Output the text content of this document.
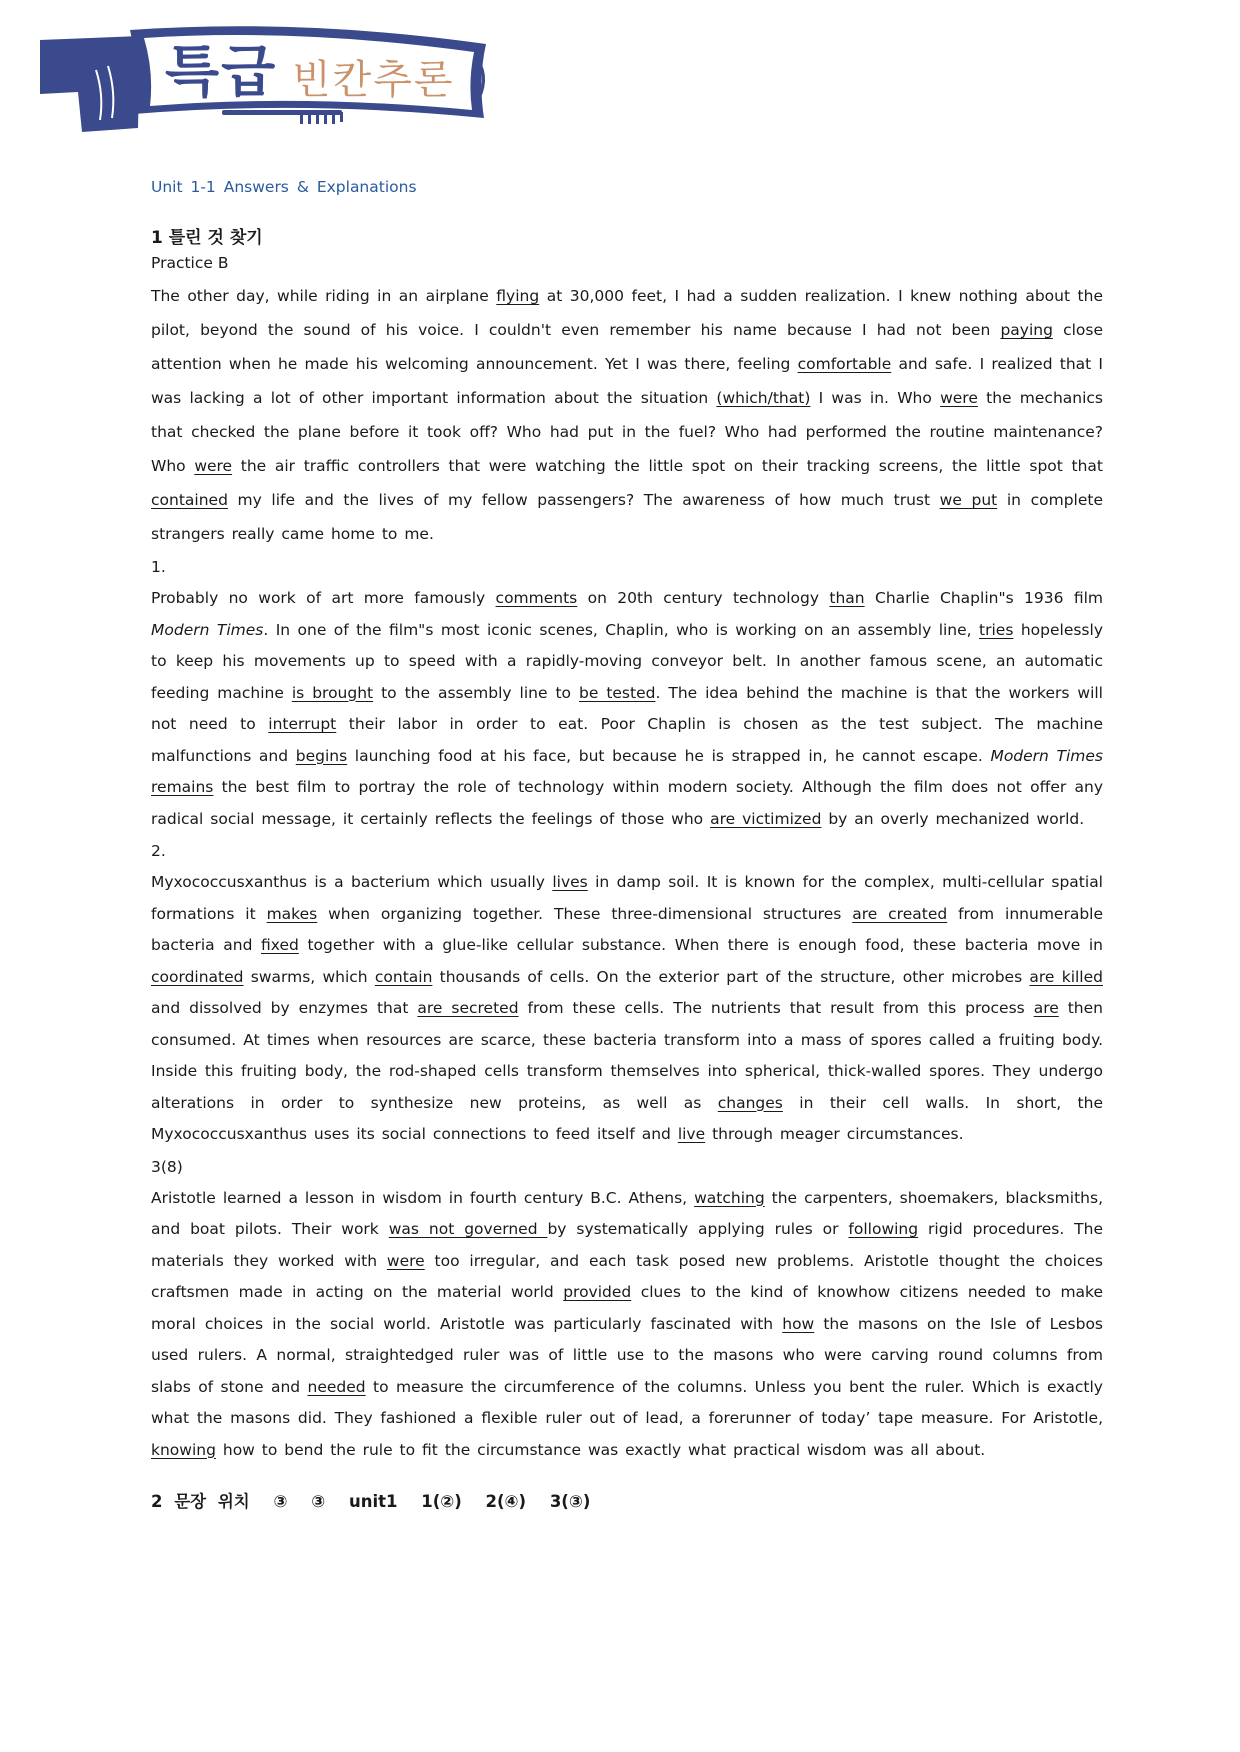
특급 빈칸추론

Unit 1-1 Answers & Explanations

1 틀린 것 찾기

Practice B

The other day, while riding in an airplane flying at 30,000 feet, I had a sudden realization. I knew nothing about the pilot, beyond the sound of his voice. I couldn't even remember his name because I had not been paying close attention when he made his welcoming announcement. Yet I was there, feeling comfortable and safe. I realized that I was lacking a lot of other important information about the situation (which/that) I was in. Who were the mechanics that checked the plane before it took off? Who had put in the fuel? Who had performed the routine maintenance? Who were the air traffic controllers that were watching the little spot on their tracking screens, the little spot that contained my life and the lives of my fellow passengers? The awareness of how much trust we put in complete strangers really came home to me.

1.

Probably no work of art more famously comments on 20th century technology than Charlie Chaplin"s 1936 film Modern Times. In one of the film"s most iconic scenes, Chaplin, who is working on an assembly line, tries hopelessly to keep his movements up to speed with a rapidly-moving conveyor belt. In another famous scene, an automatic feeding machine is brought to the assembly line to be tested. The idea behind the machine is that the workers will not need to interrupt their labor in order to eat. Poor Chaplin is chosen as the test subject. The machine malfunctions and begins launching food at his face, but because he is strapped in, he cannot escape. Modern Times remains the best film to portray the role of technology within modern society. Although the film does not offer any radical social message, it certainly reflects the feelings of those who are victimized by an overly mechanized world.

2.

Myxococcusxanthus is a bacterium which usually lives in damp soil. It is known for the complex, multi-cellular spatial formations it makes when organizing together. These three-dimensional structures are created from innumerable bacteria and fixed together with a glue-like cellular substance. When there is enough food, these bacteria move in coordinated swarms, which contain thousands of cells. On the exterior part of the structure, other microbes are killed and dissolved by enzymes that are secreted from these cells. The nutrients that result from this process are then consumed. At times when resources are scarce, these bacteria transform into a mass of spores called a fruiting body. Inside this fruiting body, the rod-shaped cells transform themselves into spherical, thick-walled spores. They undergo alterations in order to synthesize new proteins, as well as changes in their cell walls. In short, the Myxococcusxanthus uses its social connections to feed itself and live through meager circumstances.

3(8)

Aristotle learned a lesson in wisdom in fourth century B.C. Athens, watching the carpenters, shoemakers, blacksmiths, and boat pilots. Their work was not governed by systematically applying rules or following rigid procedures. The materials they worked with were too irregular, and each task posed new problems. Aristotle thought the choices craftsmen made in acting on the material world provided clues to the kind of knowhow citizens needed to make moral choices in the social world. Aristotle was particularly fascinated with how the masons on the Isle of Lesbos used rulers. A normal, straightedged ruler was of little use to the masons who were carving round columns from slabs of stone and needed to measure the circumference of the columns. Unless you bent the ruler. Which is exactly what the masons did. They fashioned a flexible ruler out of lead, a forerunner of today’ tape measure. For Aristotle, knowing how to bend the rule to fit the circumstance was exactly what practical wisdom was all about.

2 문장 위치 ③ ③ unit1 1(②) 2(④) 3(③)
